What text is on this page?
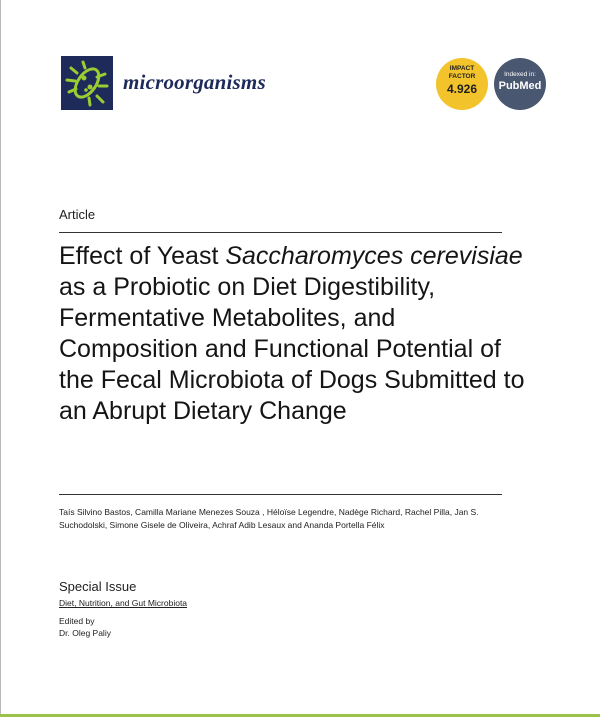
microorganisms
IMPACT
FACTOR
4.926
Indexed in:
PubMed
Article
Effect of Yeast Saccharomyces cerevisiae as a Probiotic on Diet Digestibility, Fermentative Metabolites, and Composition and Functional Potential of the Fecal Microbiota of Dogs Submitted to an Abrupt Dietary Change
Taís Silvino Bastos, Camilla Mariane Menezes Souza , Héloïse Legendre, Nadège Richard, Rachel Pilla, Jan S. Suchodolski, Simone Gisele de Oliveira, Achraf Adib Lesaux and Ananda Portella Félix
Special Issue
Diet, Nutrition, and Gut Microbiota
Edited by
Dr. Oleg Paliy
